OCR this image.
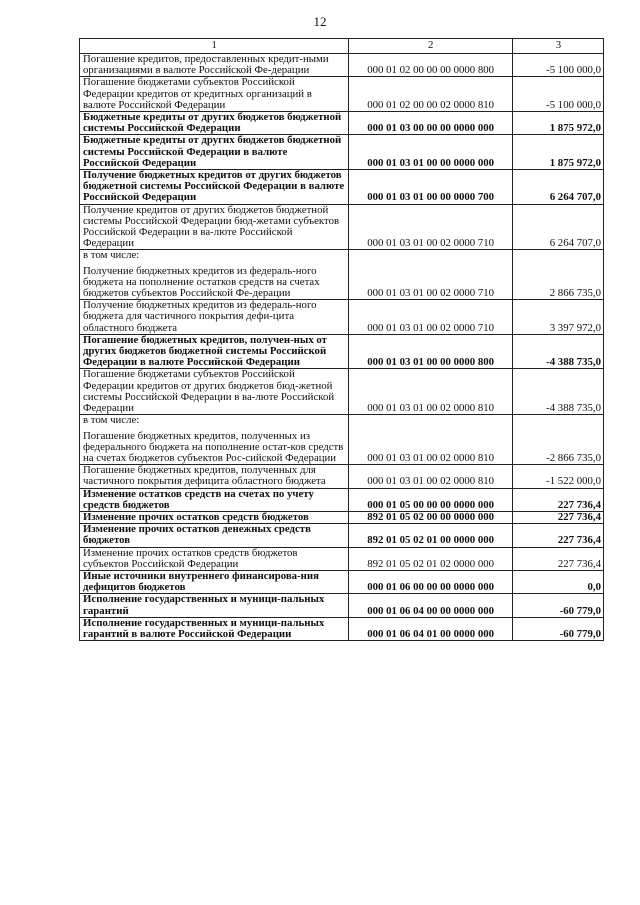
12
1	2	3
Погашение кредитов, предоставленных кредит-ными организациями в валюте Российской Фе-дерации	000 01 02 00 00 00 0000 800	-5 100 000,0
Погашение бюджетами субъектов Российской Федерации кредитов от кредитных организаций в валюте Российской Федерации	000 01 02 00 00 02 0000 810	-5 100 000,0
Бюджетные кредиты от других бюджетов бюджетной системы Российской Федерации	000 01 03 00 00 00 0000 000	1 875 972,0
Бюджетные кредиты от других бюджетов бюджетной системы Российской Федерации в валюте Российской Федерации	000 01 03 01 00 00 0000 000	1 875 972,0
Получение бюджетных кредитов от других бюджетов бюджетной системы Российской Федерации в валюте Российской Федерации	000 01 03 01 00 00 0000 700	6 264 707,0
Получение кредитов от других бюджетов бюджетной системы Российской Федерации бюд-жетами субъектов Российской Федерации в ва-люте Российской Федерации	000 01 03 01 00 02 0000 710	6 264 707,0

в том числе:
Получение бюджетных кредитов из федераль-ного бюджета на пополнение остатков средств на счетах бюджетов субъектов Российской Фе-дерации	000 01 03 01 00 02 0000 710	2 866 735,0
Получение бюджетных кредитов из федераль-ного бюджета для частичного покрытия дефи-цита областного бюджета	000 01 03 01 00 02 0000 710	3 397 972,0
Погашение бюджетных кредитов, получен-ных от других бюджетов бюджетной системы Российской Федерации в валюте Российской Федерации	000 01 03 01 00 00 0000 800	-4 388 735,0
Погашение бюджетами субъектов Российской Федерации кредитов от других бюджетов бюд-жетной системы Российской Федерации в ва-люте Российской Федерации	000 01 03 01 00 02 0000 810	-4 388 735,0

в том числе:
Погашение бюджетных кредитов, полученных из федерального бюджета на пополнение остат-ков средств на счетах бюджетов субъектов Рос-сийской Федерации	000 01 03 01 00 02 0000 810	-2 866 735,0
Погашение бюджетных кредитов, полученных для частичного покрытия дефицита областного бюджета	000 01 03 01 00 02 0000 810	-1 522 000,0
Изменение остатков средств на счетах по учету средств бюджетов	000 01 05 00 00 00 0000 000	227 736,4
Изменение прочих остатков средств бюджетов	892 01 05 02 00 00 0000 000	227 736,4
Изменение прочих остатков денежных средств бюджетов	892 01 05 02 01 00 0000 000	227 736,4
Изменение прочих остатков средств бюджетов субъектов Российской Федерации	892 01 05 02 01 02 0000 000	227 736,4
Иные источники внутреннего финансирова-ния дефицитов бюджетов	000 01 06 00 00 00 0000 000	0,0
Исполнение государственных и муници-пальных гарантий	000 01 06 04 00 00 0000 000	-60 779,0
Исполнение государственных и муници-пальных гарантий в валюте Российской Федерации	000 01 06 04 01 00 0000 000	-60 779,0
